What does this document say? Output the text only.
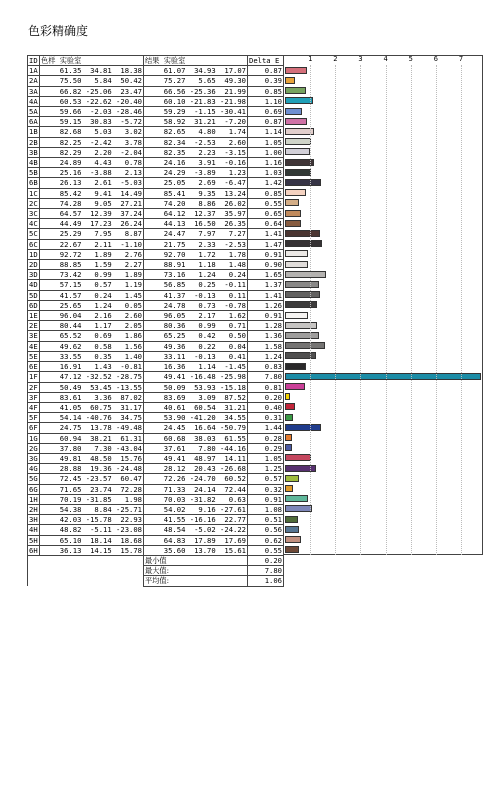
色彩精确度
ID	色样 实验室	结果 实验室	Delta E
1A	61.35  34.81  18.38	61.07  34.93  17.07	0.87
2A	75.50   5.84  50.42	75.27   5.65  49.30	0.39
3A	66.82 -25.06  23.47	66.56 -25.36  21.99	0.85
4A	60.53 -22.62 -20.40	60.10 -21.83 -21.98	1.10
5A	59.66  -2.03 -28.46	59.29  -1.15 -30.41	0.69
6A	59.15  30.83  -5.72	58.92  31.21  -7.20	0.87
1B	82.68   5.03   3.02	82.65   4.80   1.74	1.14
2B	82.25  -2.42   3.78	82.34  -2.53   2.60	1.05
3B	82.29   2.20  -2.04	82.35   2.23  -3.15	1.00
4B	24.89   4.43   0.78	24.16   3.91  -0.16	1.16
5B	25.16  -3.88   2.13	24.29  -3.89   1.23	1.03
6B	26.13   2.61  -5.03	25.05   2.69  -6.47	1.42
1C	85.42   9.41  14.49	85.41   9.35  13.24	0.85
2C	74.28   9.05  27.21	74.20   8.86  26.02	0.55
3C	64.57  12.39  37.24	64.12  12.37  35.97	0.65
4C	44.49  17.23  26.24	44.13  16.50  26.35	0.64
5C	25.29   7.95   8.87	24.47   7.97   7.27	1.41
6C	22.67   2.11  -1.10	21.75   2.33  -2.53	1.47
1D	92.72   1.89   2.76	92.70   1.72   1.78	0.91
2D	88.85   1.59   2.27	88.91   1.18   1.48	0.90
3D	73.42   0.99   1.89	73.16   1.24   0.24	1.65
4D	57.15   0.57   1.19	56.85   0.25  -0.11	1.37
5D	41.57   0.24   1.45	41.37  -0.13   0.11	1.41
6D	25.65   1.24   0.05	24.78   0.73  -0.78	1.26
1E	96.04   2.16   2.60	96.05   2.17   1.62	0.91
2E	80.44   1.17   2.05	80.36   0.99   0.71	1.28
3E	65.52   0.69   1.86	65.25   0.42   0.50	1.36
4E	49.62   0.58   1.56	49.36   0.22   0.04	1.58
5E	33.55   0.35   1.40	33.11  -0.13   0.41	1.24
6E	16.91   1.43  -0.81	16.36   1.14  -1.45	0.83
1F	47.12 -32.52 -28.75	49.41 -16.48 -25.98	7.80
2F	50.49  53.45 -13.55	50.09  53.93 -15.18	0.81
3F	83.61   3.36  87.02	83.69   3.09  87.52	0.20
4F	41.05  60.75  31.17	40.61  60.54  31.21	0.40
5F	54.14 -40.76  34.75	53.90 -41.20  34.55	0.31
6F	24.75  13.78 -49.48	24.45  16.64 -50.79	1.44
1G	60.94  38.21  61.31	60.68  38.03  61.55	0.28
2G	37.80   7.30 -43.04	37.61   7.80 -44.16	0.29
3G	49.81  48.50  15.76	49.41  48.97  14.11	1.05
4G	28.88  19.36 -24.48	28.12  20.43 -26.68	1.25
5G	72.45 -23.57  60.47	72.26 -24.70  60.52	0.57
6G	71.65  23.74  72.28	71.33  24.14  72.44	0.32
1H	70.19 -31.85   1.98	70.03 -31.82   0.63	0.91
2H	54.38   8.84 -25.71	54.02   9.16 -27.61	1.08
3H	42.03 -15.78  22.93	41.55 -16.16  22.77	0.51
4H	48.82  -5.11 -23.08	48.54  -5.02 -24.22	0.56
5H	65.10  18.14  18.68	64.83  17.89  17.69	0.62
6H	36.13  14.15  15.78	35.60  13.70  15.61	0.55
		最小值	0.20
		最大值:	7.80
		平均值:	1.06
1	2	3	4	5	6	7
